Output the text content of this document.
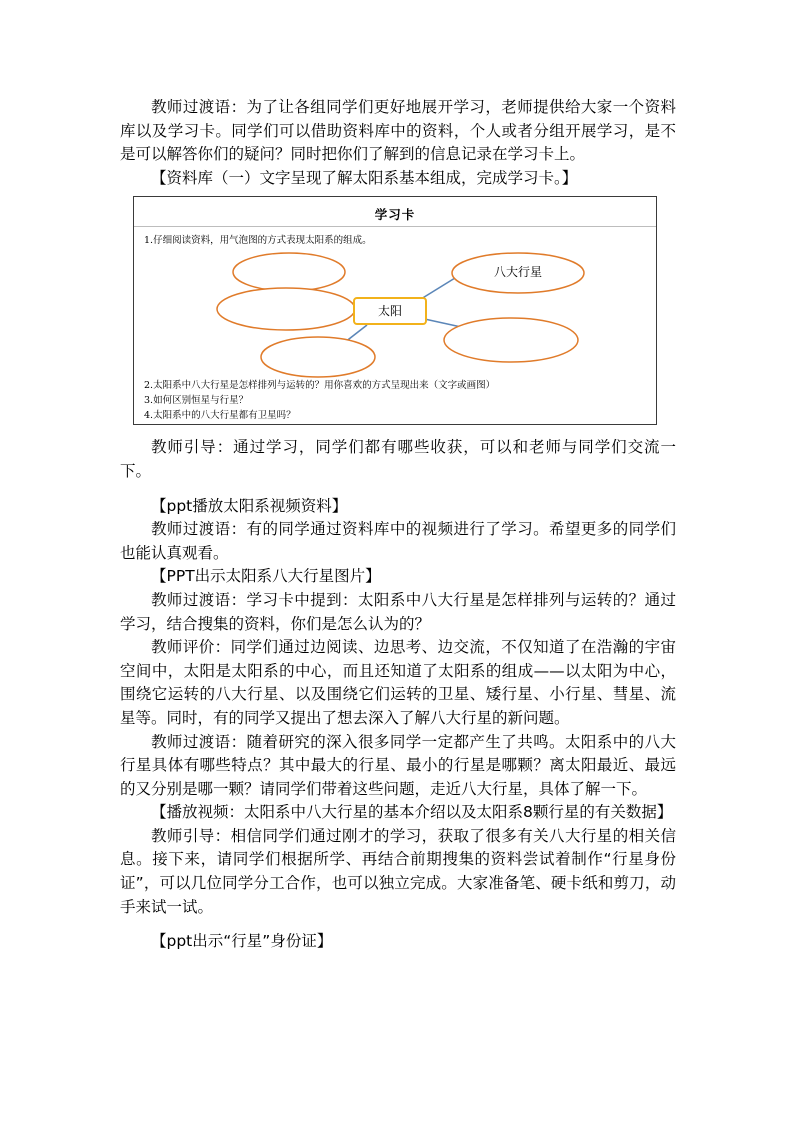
教师过渡语：为了让各组同学们更好地展开学习，老师提供给大家一个资料库以及学习卡。同学们可以借助资料库中的资料，个人或者分组开展学习，是不是可以解答你们的疑问？同时把你们了解到的信息记录在学习卡上。

【资料库（一）文字呈现了解太阳系基本组成，完成学习卡。】

学习卡
1.仔细阅读资料，用气泡图的方式表现太阳系的组成。
太阳
八大行星
2.太阳系中八大行星是怎样排列与运转的？用你喜欢的方式呈现出来（文字或画图）
3.如何区别恒星与行星？
4.太阳系中的八大行星都有卫星吗？

教师引导：通过学习，同学们都有哪些收获，可以和老师与同学们交流一下。

【ppt播放太阳系视频资料】

教师过渡语：有的同学通过资料库中的视频进行了学习。希望更多的同学们也能认真观看。

【PPT出示太阳系八大行星图片】

教师过渡语：学习卡中提到：太阳系中八大行星是怎样排列与运转的？通过学习，结合搜集的资料，你们是怎么认为的？

教师评价：同学们通过边阅读、边思考、边交流，不仅知道了在浩瀚的宇宙空间中，太阳是太阳系的中心，而且还知道了太阳系的组成——以太阳为中心，围绕它运转的八大行星、以及围绕它们运转的卫星、矮行星、小行星、彗星、流星等。同时，有的同学又提出了想去深入了解八大行星的新问题。

教师过渡语：随着研究的深入很多同学一定都产生了共鸣。太阳系中的八大行星具体有哪些特点？其中最大的行星、最小的行星是哪颗？离太阳最近、最远的又分别是哪一颗？请同学们带着这些问题，走近八大行星，具体了解一下。

【播放视频：太阳系中八大行星的基本介绍以及太阳系8颗行星的有关数据】

教师引导：相信同学们通过刚才的学习，获取了很多有关八大行星的相关信息。接下来，请同学们根据所学、再结合前期搜集的资料尝试着制作“行星身份证”，可以几位同学分工合作，也可以独立完成。大家准备笔、硬卡纸和剪刀，动手来试一试。

【ppt出示“行星”身份证】
